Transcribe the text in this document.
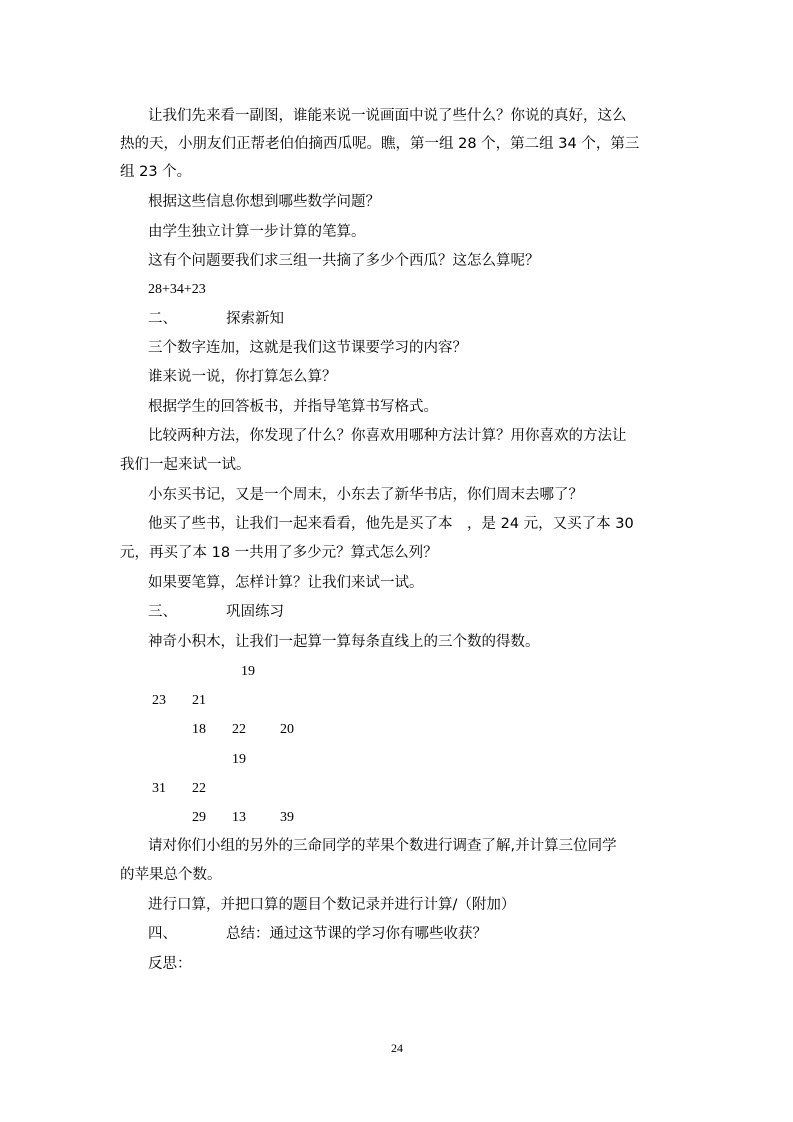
让我们先来看一副图，谁能来说一说画面中说了些什么？你说的真好，这么
热的天，小朋友们正帮老伯伯摘西瓜呢。瞧，第一组 28 个，第二组 34 个，第三
组 23 个。
根据这些信息你想到哪些数学问题？
由学生独立计算一步计算的笔算。
这有个问题要我们求三组一共摘了多少个西瓜？这怎么算呢？
28+34+23
二、	探索新知
三个数字连加，这就是我们这节课要学习的内容？
谁来说一说，你打算怎么算？
根据学生的回答板书，并指导笔算书写格式。
比较两种方法，你发现了什么？你喜欢用哪种方法计算？用你喜欢的方法让
我们一起来试一试。
小东买书记，又是一个周末，小东去了新华书店，你们周末去哪了？
他买了些书，让我们一起来看看，他先是买了本　，是 24 元，又买了本 30
元，再买了本 18 一共用了多少元？算式怎么列？
如果要笔算，怎样计算？让我们来试一试。
三、	巩固练习
神奇小积木，让我们一起算一算每条直线上的三个数的得数。
19
23 21
18 22 20
19
31 22
29 13 39
请对你们小组的另外的三命同学的苹果个数进行调查了解,并计算三位同学
的苹果总个数。
进行口算，并把口算的题目个数记录并进行计算/（附加）
四、	总结：通过这节课的学习你有哪些收获？
反思：
24
